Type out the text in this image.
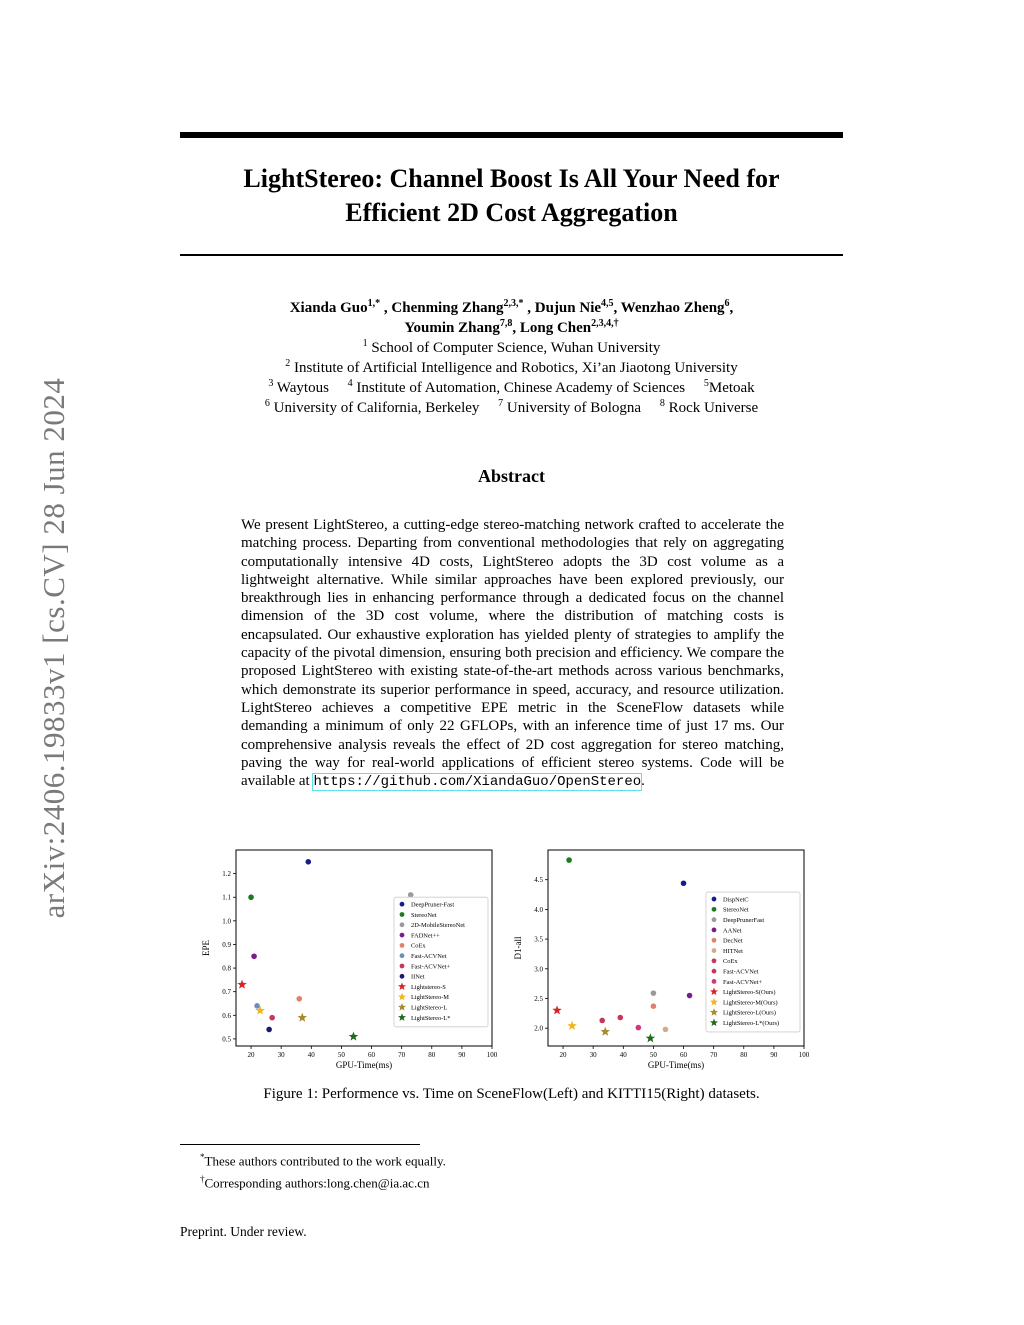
arXiv:2406.19833v1 [cs.CV] 28 Jun 2024
LightStereo: Channel Boost Is All Your Need for
Efficient 2D Cost Aggregation
Xianda Guo$^{1,*}$ , Chenming Zhang$^{2,3,*}$ , Dujun Nie$^{4,5}$, Wenzhao Zheng$^6$,
Youmin Zhang$^{7,8}$, Long Chen$^{2,3,4,\dagger}$
$^1$ School of Computer Science, Wuhan University
$^2$ Institute of Artificial Intelligence and Robotics, Xi’an Jiaotong University
$^3$ Waytous $^4$ Institute of Automation, Chinese Academy of Sciences $^5$Metoak
$^6$ University of California, Berkeley $^7$ University of Bologna $^8$ Rock Universe
Abstract
We present LightStereo, a cutting-edge stereo-matching network crafted to accelerate the matching process. Departing from conventional methodologies that rely on aggregating computationally intensive 4D costs, LightStereo adopts the 3D cost volume as a lightweight alternative. While similar approaches have been explored previously, our breakthrough lies in enhancing performance through a dedicated focus on the channel dimension of the 3D cost volume, where the distribution of matching costs is encapsulated. Our exhaustive exploration has yielded plenty of strategies to amplify the capacity of the pivotal dimension, ensuring both precision and efficiency. We compare the proposed LightStereo with existing state-of-the-art methods across various benchmarks, which demonstrate its superior performance in speed, accuracy, and resource utilization. LightStereo achieves a competitive EPE metric in the SceneFlow datasets while demanding a minimum of only 22 GFLOPs, with an inference time of just 17 ms. Our comprehensive analysis reveals the effect of 2D cost aggregation for stereo matching, paving the way for real-world applications of efficient stereo systems. Code will be available at https://github.com/XiandaGuo/OpenStereo.
20	30	40	50	60	70	80	90	100
0.5
0.6
0.7
0.8
0.9
1.0
1.1
1.2
GPU-Time(ms)
EPE
DeepPruner-Fast
StereoNet
2D-MobileStereoNet
FADNet++
CoEx
Fast-ACVNet
Fast-ACVNet+
IINet
Lightstereo-S
LightStereo-M
LightStereo-L
LightStereo-L*
20	30	40	50	60	70	80	90	100
2.0
2.5
3.0
3.5
4.0
4.5
GPU-Time(ms)
D1-all
DispNetC
StereoNet
DeepPrunerFast
AANet
DecNet
HITNet
CoEx
Fast-ACVNet
Fast-ACVNet+
LightStereo-S(Ours)
LightStereo-M(Ours)
LightStereo-L(Ours)
LightStereo-L*(Ours)
Figure 1: Performence vs. Time on SceneFlow(Left) and KITTI15(Right) datasets.
*These authors contributed to the work equally.
†Corresponding authors:long.chen@ia.ac.cn
Preprint. Under review.
